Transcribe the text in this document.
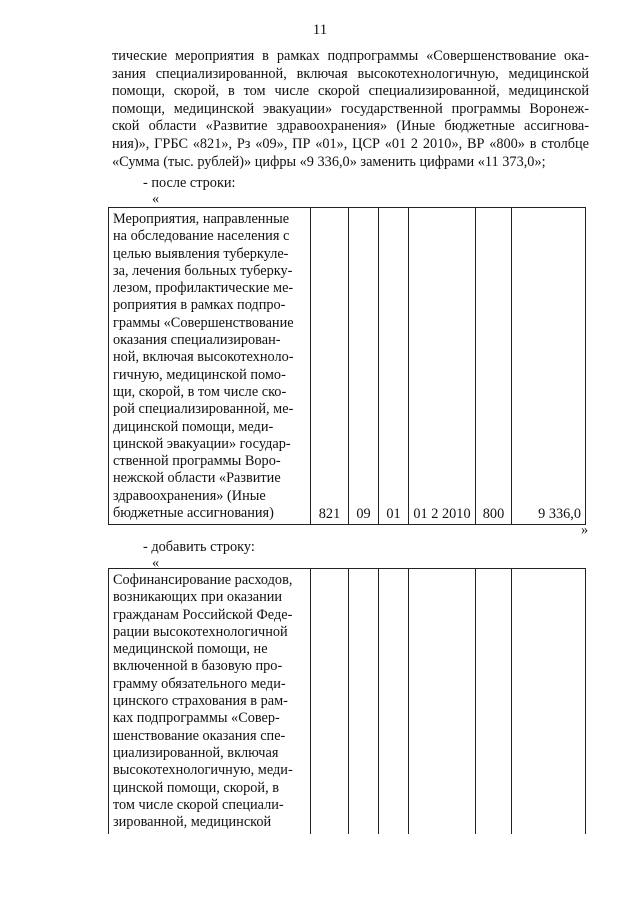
11
тические мероприятия в рамках подпрограммы «Совершенствование ока-
зания специализированной, включая высокотехнологичную, медицинской
помощи, скорой, в том числе скорой специализированной, медицинской
помощи, медицинской эвакуации» государственной программы Воронеж-
ской области «Развитие здравоохранения» (Иные бюджетные ассигнова-
ния)», ГРБС «821», Рз «09», ПР «01», ЦСР «01 2 2010», ВР «800» в столбце
«Сумма (тыс. рублей)» цифры «9 336,0» заменить цифрами «11 373,0»;
- после строки:
«
Мероприятия, направленные
на обследование населения с
целью выявления туберкуле-
за, лечения больных туберку-
лезом, профилактические ме-
роприятия в рамках подпро-
граммы «Совершенствование
оказания специализирован-
ной, включая высокотехноло-
гичную, медицинской помо-
щи, скорой, в том числе ско-
рой специализированной, ме-
дицинской помощи, меди-
цинской эвакуации» государ-
ственной программы Воро-
нежской области «Развитие
здравоохранения» (Иные
бюджетные ассигнования)	821	09	01	01 2 2010	800	9 336,0
»
- добавить строку:
«
Софинансирование расходов,
возникающих при оказании
гражданам Российской Феде-
рации высокотехнологичной
медицинской помощи, не
включенной в базовую про-
грамму обязательного меди-
цинского страхования в рам-
ках подпрограммы «Совер-
шенствование оказания спе-
циализированной, включая
высокотехнологичную, меди-
цинской помощи, скорой, в
том числе скорой специали-
зированной, медицинской
